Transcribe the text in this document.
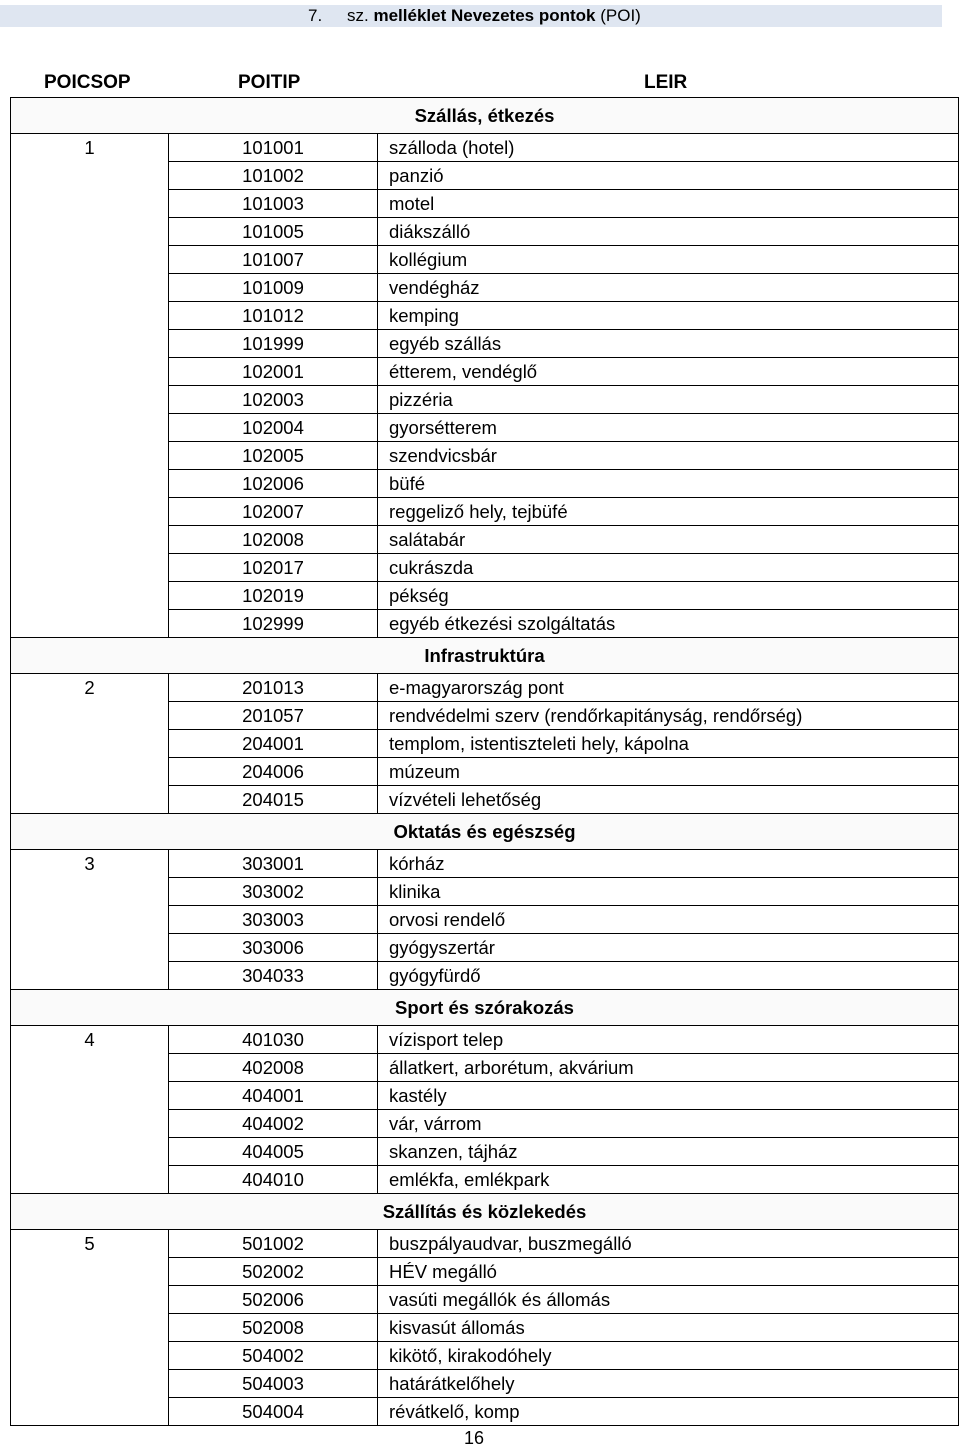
7. sz. melléklet Nevezetes pontok (POI)
POICSOP	POITIP	LEIR
Szállás, étkezés		
1	101001	szálloda (hotel)
	101002	panzió
	101003	motel
	101005	diákszálló
	101007	kollégium
	101009	vendégház
	101012	kemping
	101999	egyéb szállás
	102001	étterem, vendéglő
	102003	pizzéria
	102004	gyorsétterem
	102005	szendvicsbár
	102006	büfé
	102007	reggeliző hely, tejbüfé
	102008	salátabár
	102017	cukrászda
	102019	pékség
	102999	egyéb étkezési szolgáltatás
Infrastruktúra		
2	201013	e-magyarország pont
	201057	rendvédelmi szerv (rendőrkapitányság, rendőrség)
	204001	templom, istentiszteleti hely, kápolna
	204006	múzeum
	204015	vízvételi lehetőség
Oktatás és egészség		
3	303001	kórház
	303002	klinika
	303003	orvosi rendelő
	303006	gyógyszertár
	304033	gyógyfürdő
Sport és szórakozás		
4	401030	vízisport telep
	402008	állatkert, arborétum, akvárium
	404001	kastély
	404002	vár, várrom
	404005	skanzen, tájház
	404010	emlékfa, emlékpark
Szállítás és közlekedés		
5	501002	buszpályaudvar, buszmegálló
	502002	HÉV megálló
	502006	vasúti megállók és állomás
	502008	kisvasút állomás
	504002	kikötő, kirakodóhely
	504003	határátkelőhely
	504004	révátkelő, komp
16
